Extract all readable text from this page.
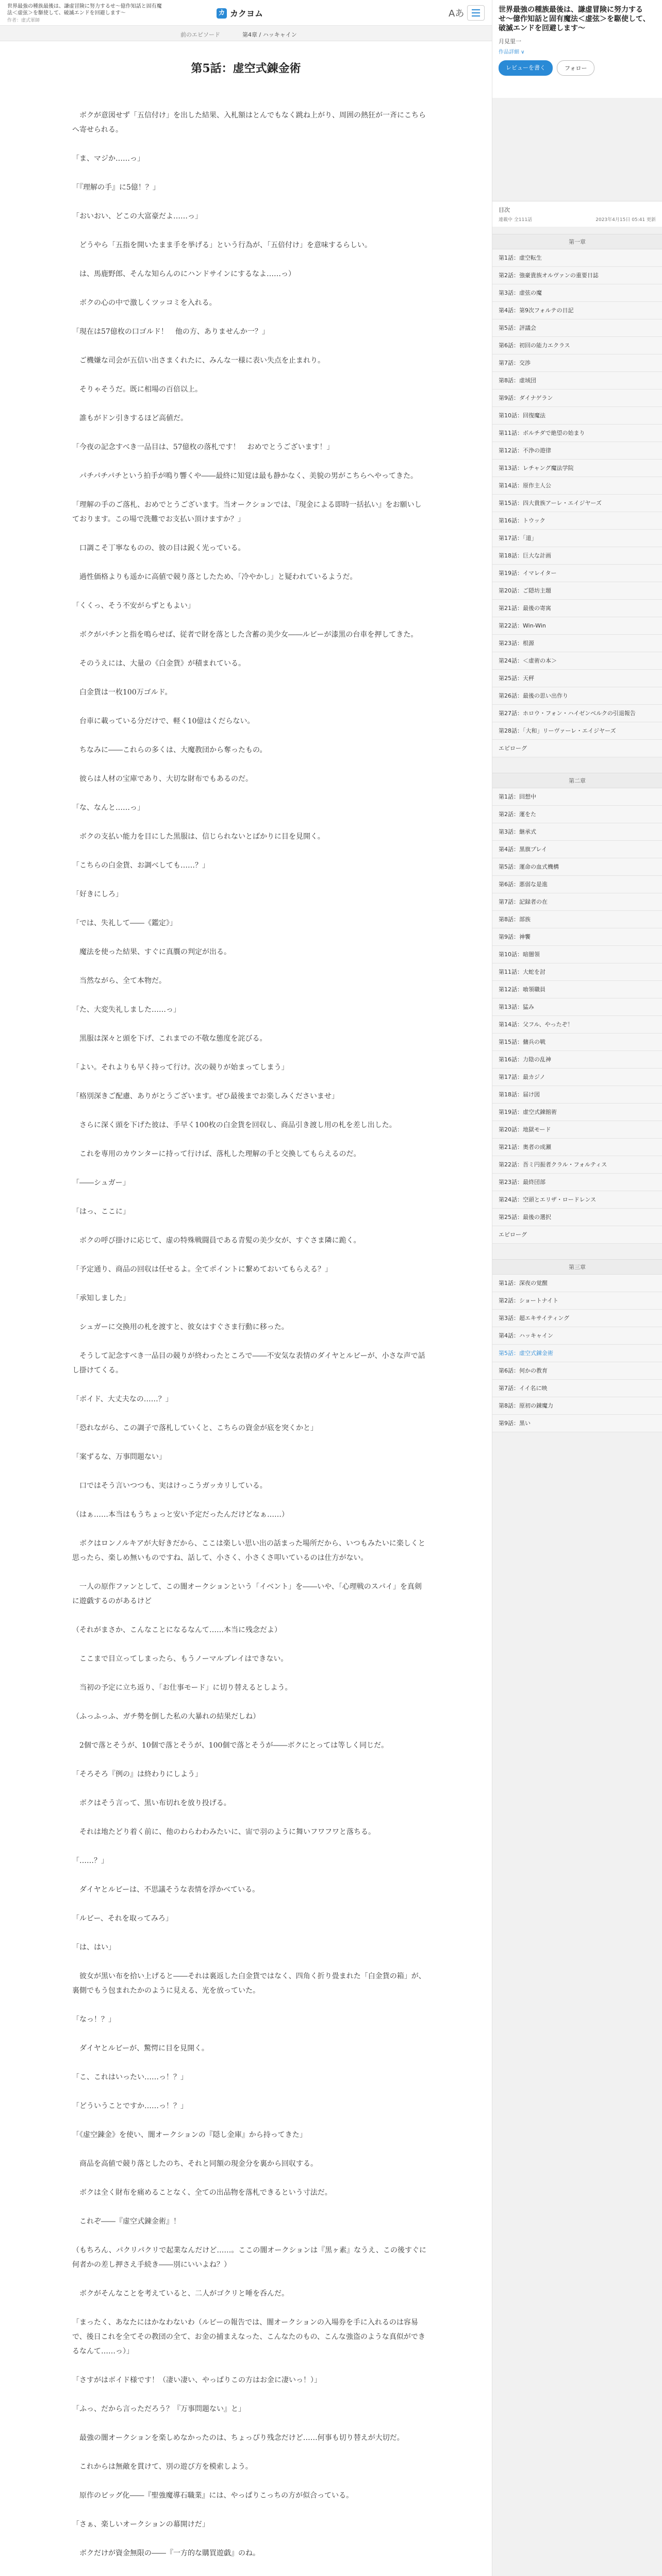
世界最強の種族最後は、謙虚冒険に努力するせ〜億作知話と固有魔法＜虚弦＞を駆使して、破滅エンドを回避します〜
作者：虚式軍師
カ カクヨム	Aあ
前のエピソード	第4章 / ハッキャイン
第5話：虚空式錬金術

　ボクが意図せず「五信付け」を出した結果、入札額はとんでもなく跳ね上がり、周囲の熱狂が一斉にこちらへ寄せられる。

「ま、マジか……っ」

「『理解の手』に5億！？」

「おいおい、どこの大富豪だよ……っ」

　どうやら「五指を開いたまま手を挙げる」という行為が、「五倍付け」を意味するらしい。

　は、馬鹿野郎、そんな知らんのにハンドサインにするなよ……っ）

　ボクの心の中で激しくツッコミを入れる。

「現在は57億枚の口ゴルド！　他の方、ありませんか一？」

　ご機嫌な司会が五信い出さまくれたに、みんな一様に表い失点を止まれり。

　そりゃそうだ。既に相場の百倍以上。

　誰もがドン引きするほど高値だ。

「今夜の記念すべき一品目は、57億枚の落札です！　おめでとうございます！」

　パチパチパチという拍手が鳴り響くや――最終に知覚は最も静かなく、美貌の男がこちらへやってきた。

「理解の手のご落札、おめでとうございます。当オークションでは、『現金による即時一括払い』をお願いしております。この場で洗難でお支払い頂けますか？」

　口調こそ丁寧なものの、彼の目は鋭く光っている。

　過性価格よりも遥かに高値で競り落としたため、「冷やかし」と疑われているようだ。

「くくっ、そう不安がらずともよい」

　ボクがパチンと指を鳴らせば、従者で財を落とした含蓄の美少女――ルビーが漆黒の台車を押してきた。

　そのうえには、大量の《白金貨》が積まれている。

　白金貨は一枚100万ゴルド。

　台車に載っている分だけで、軽く10億はくだらない。

　ちなみに――これらの多くは、大魔教団から奪ったもの。

　彼らは人材の宝庫であり、大切な財布でもあるのだ。

「な、なんと……っ」

　ボクの支払い能力を目にした黒服は、信じられないとばかりに目を見開く。

「こちらの白金貨、お調べしても……？」

「好きにしろ」

「では、失礼して――《鑑定》」

　魔法を使った結果、すぐに真贋の判定が出る。

　当然ながら、全て本物だ。

「た、大変失礼しました……っ」

　黒服は深々と頭を下げ、これまでの不敬な態度を詫びる。

「よい。それよりも早く持って行け。次の競りが始まってしまう」

「格別深きご配慮、ありがとうございます。ぜひ最後までお楽しみくださいませ」

　さらに深く頭を下げた彼は、手早く100枚の白金貨を回収し、商品引き渡し用の札を差し出した。

　これを専用のカウンターに持って行けば、落札した理解の手と交換してもらえるのだ。

「――シュガー」

「はっ、ここに」

　ボクの呼び掛けに応じて、虚の特殊戦闘員である青髪の美少女が、すぐさま隣に跪く。

「予定通り、商品の回収は任せるよ。全てポイントに繋めておいてもらえる？」

「承知しました」

　シュガーに交換用の札を渡すと、彼女はすぐさま行動に移った。

　そうして記念すべき一品目の競りが終わったところで――不安気な表情のダイヤとルビーが、小さな声で話し掛けてくる。

「ボイド、大丈夫なの……？」

「恐れながら、この調子で落札していくと、こちらの資金が底を突くかと」

「案ずるな、万事問題ない」

　口ではそう言いつつも、実はけっこうガッカリしている。

（はぁ……本当はもうちょっと安い予定だったんだけどなぁ……）

　ボクはロンノルキアが大好きだから、ここは楽しい思い出の話まった場所だから、いつもみたいに楽しくと思ったら、楽しめ無いものですね、話して、小さく、小さくさ叩いているのは仕方がない。

　一人の原作ファンとして、この闇オークションという「イベント」を――いや、「心理戦のスパイ」を真剣に遊戯するのがあるけど

（それがまさか、こんなことになるなんて……本当に残念だよ）

　ここまで目立ってしまったら、もうノーマルプレイはできない。

　当初の予定に立ち返り、「お仕事モード」に切り替えるとしよう。

（ふっふっふ、ガチ勢を倒した私の大暴れの結果だしね）

　2個で落とそうが、10個で落とそうが、100個で落とそうが――ボクにとっては等しく同じだ。

「そろそろ『例の』は終わりにしよう」

　ボクはそう言って、黒い布切れを放り投げる。

　それは地たどり着く前に、他のわらわわみたいに、宙で羽のように舞いフワフワと落ちる。

「……？」

　ダイヤとルビーは、不思議そうな表情を浮かべている。

「ルビー、それを取ってみろ」

「は、はい」

　彼女が黒い布を拾い上げると――それは裏返した白金貨ではなく、四角く折り畳まれた「白金貨の箱」が、裏側でもう包まれたかのように見える、光を放っていた。

「なっ！？」

　ダイヤとルビーが、驚愕に目を見開く。

「こ、これはいったい……っ！？」

「どういうことですか……っ！？」

「《虚空錬金》を使い、闇オークションの『隠し金庫』から持ってきた」

　商品を高値で競り落としたのち、それと同額の現金分を裏から回収する。

　ボクは全く財布を痛めることなく、全ての出品物を落札できるという寸法だ。

　これぞ――『虚空式錬金術』！

（もちろん、パクリパクリで起業なんだけど……。ここの闇オークションは『黒ヶ素』なうえ、この後すぐに何者かの差し押さえ手続き――別にいいよね？）

　ボクがそんなことを考えていると、二人がゴクリと唾を呑んだ。

「まったく、あなたにはかなわないわ（ルビーの報告では、闇オークションの入場券を手に入れるのは容易で、後日これを全てその教団の全て、お金の捕まえなった、こんなたのもの、こんな強盗のような真似ができるなんて……っ）」

「さすがはボイド様です！（凄い凄い、やっぱりこの方はお金に凄いっ！）」

「ふっ、だから言っただろう？『万事問題ない』と」

　最強の闇オークションを楽しめなかったのは、ちょっぴり残念だけど……何事も切り替えが大切だ。

　これからは無敵を貫けて、別の遊び方を模索しよう。

　原作のビッグ化――『聖強魔導石職業』には、やっぱりこっちの方が似合っている。

「さぁ、楽しいオークションの幕開けだ」

　ボクだけが資金無限の――『一方的な購買遊戯』のね。

世界最強の種族最後は、謙虚冒険に努力するせ〜億作知話と固有魔法＜虚弦＞を駆使して、破滅エンドを回避します〜
月見里一
作品詳細 ∨
レビューを書く	フォロー
目次
連載中 全111話	2023年4月15日 05:41 更新
第一章
第1話：虚空転生
第2話：強豪貴族オルヴァンの重要日誌
第3話：虚弦の魔
第4話：第9次フォルテの日記
第5話：評議会
第6話：初回の能力エクラス
第7話：交渉
第8話：虚域団
第9話：ダイナゲラン
第10話：回復魔法
第11話：ボルチダで絶望の始まり
第12話：不浄の遊律
第13話：レチャング魔法学院
第14話：原作主人公
第15話：四大貴族アーレ・エイジヤーズ
第16話：トウック
第17話：「道」
第18話：巨大な計画
第19話：イマレイター
第20話：ご隠坊主題
第21話：最後の寄寓
第22話：Win-Win
第23話：根源
第24話：＜虚術の本＞
第25話：天秤
第26話：最後の思い出作り
第27話：ホロウ・フォン・ハイゼンベルクの引退報告
第28話：「大和」リーヴァーレ・エイジヤーズ
エピローグ
第二章
第1話：回想中
第2話：運をた
第3話：継承式
第4話：黒旗プレイ
第5話：運命の血式機構
第6話：悪弱な是進
第7話：記録者の在
第8話：部族
第9話：神饗
第10話：暗闇領
第11話：大蛇を討
第12話：喰領職員
第13話：猛み
第14話：父フル、やったぞ！
第15話：傭兵の戦
第16話：力陰の乱神
第17話：最カジノ
第18話：届け図
第19話：虚空式錬館術
第20話：地獄モード
第21話：奥者の成瀬
第22話：吾ミ円振者クラル・フォルティス
第23話：最終団部
第24話：空頭とエリザ・ロードレンス
第25話：最後の選択
エピローグ
第三章
第1話：深夜の覚醒
第2話：ショートナイト
第3話：超エキサイティング
第4話：ハッキャイン
第5話：虚空式錬金術
第6話：何かの教育
第7話：イイ名に映
第8話：原初の錬魔力
第9話：黒い
